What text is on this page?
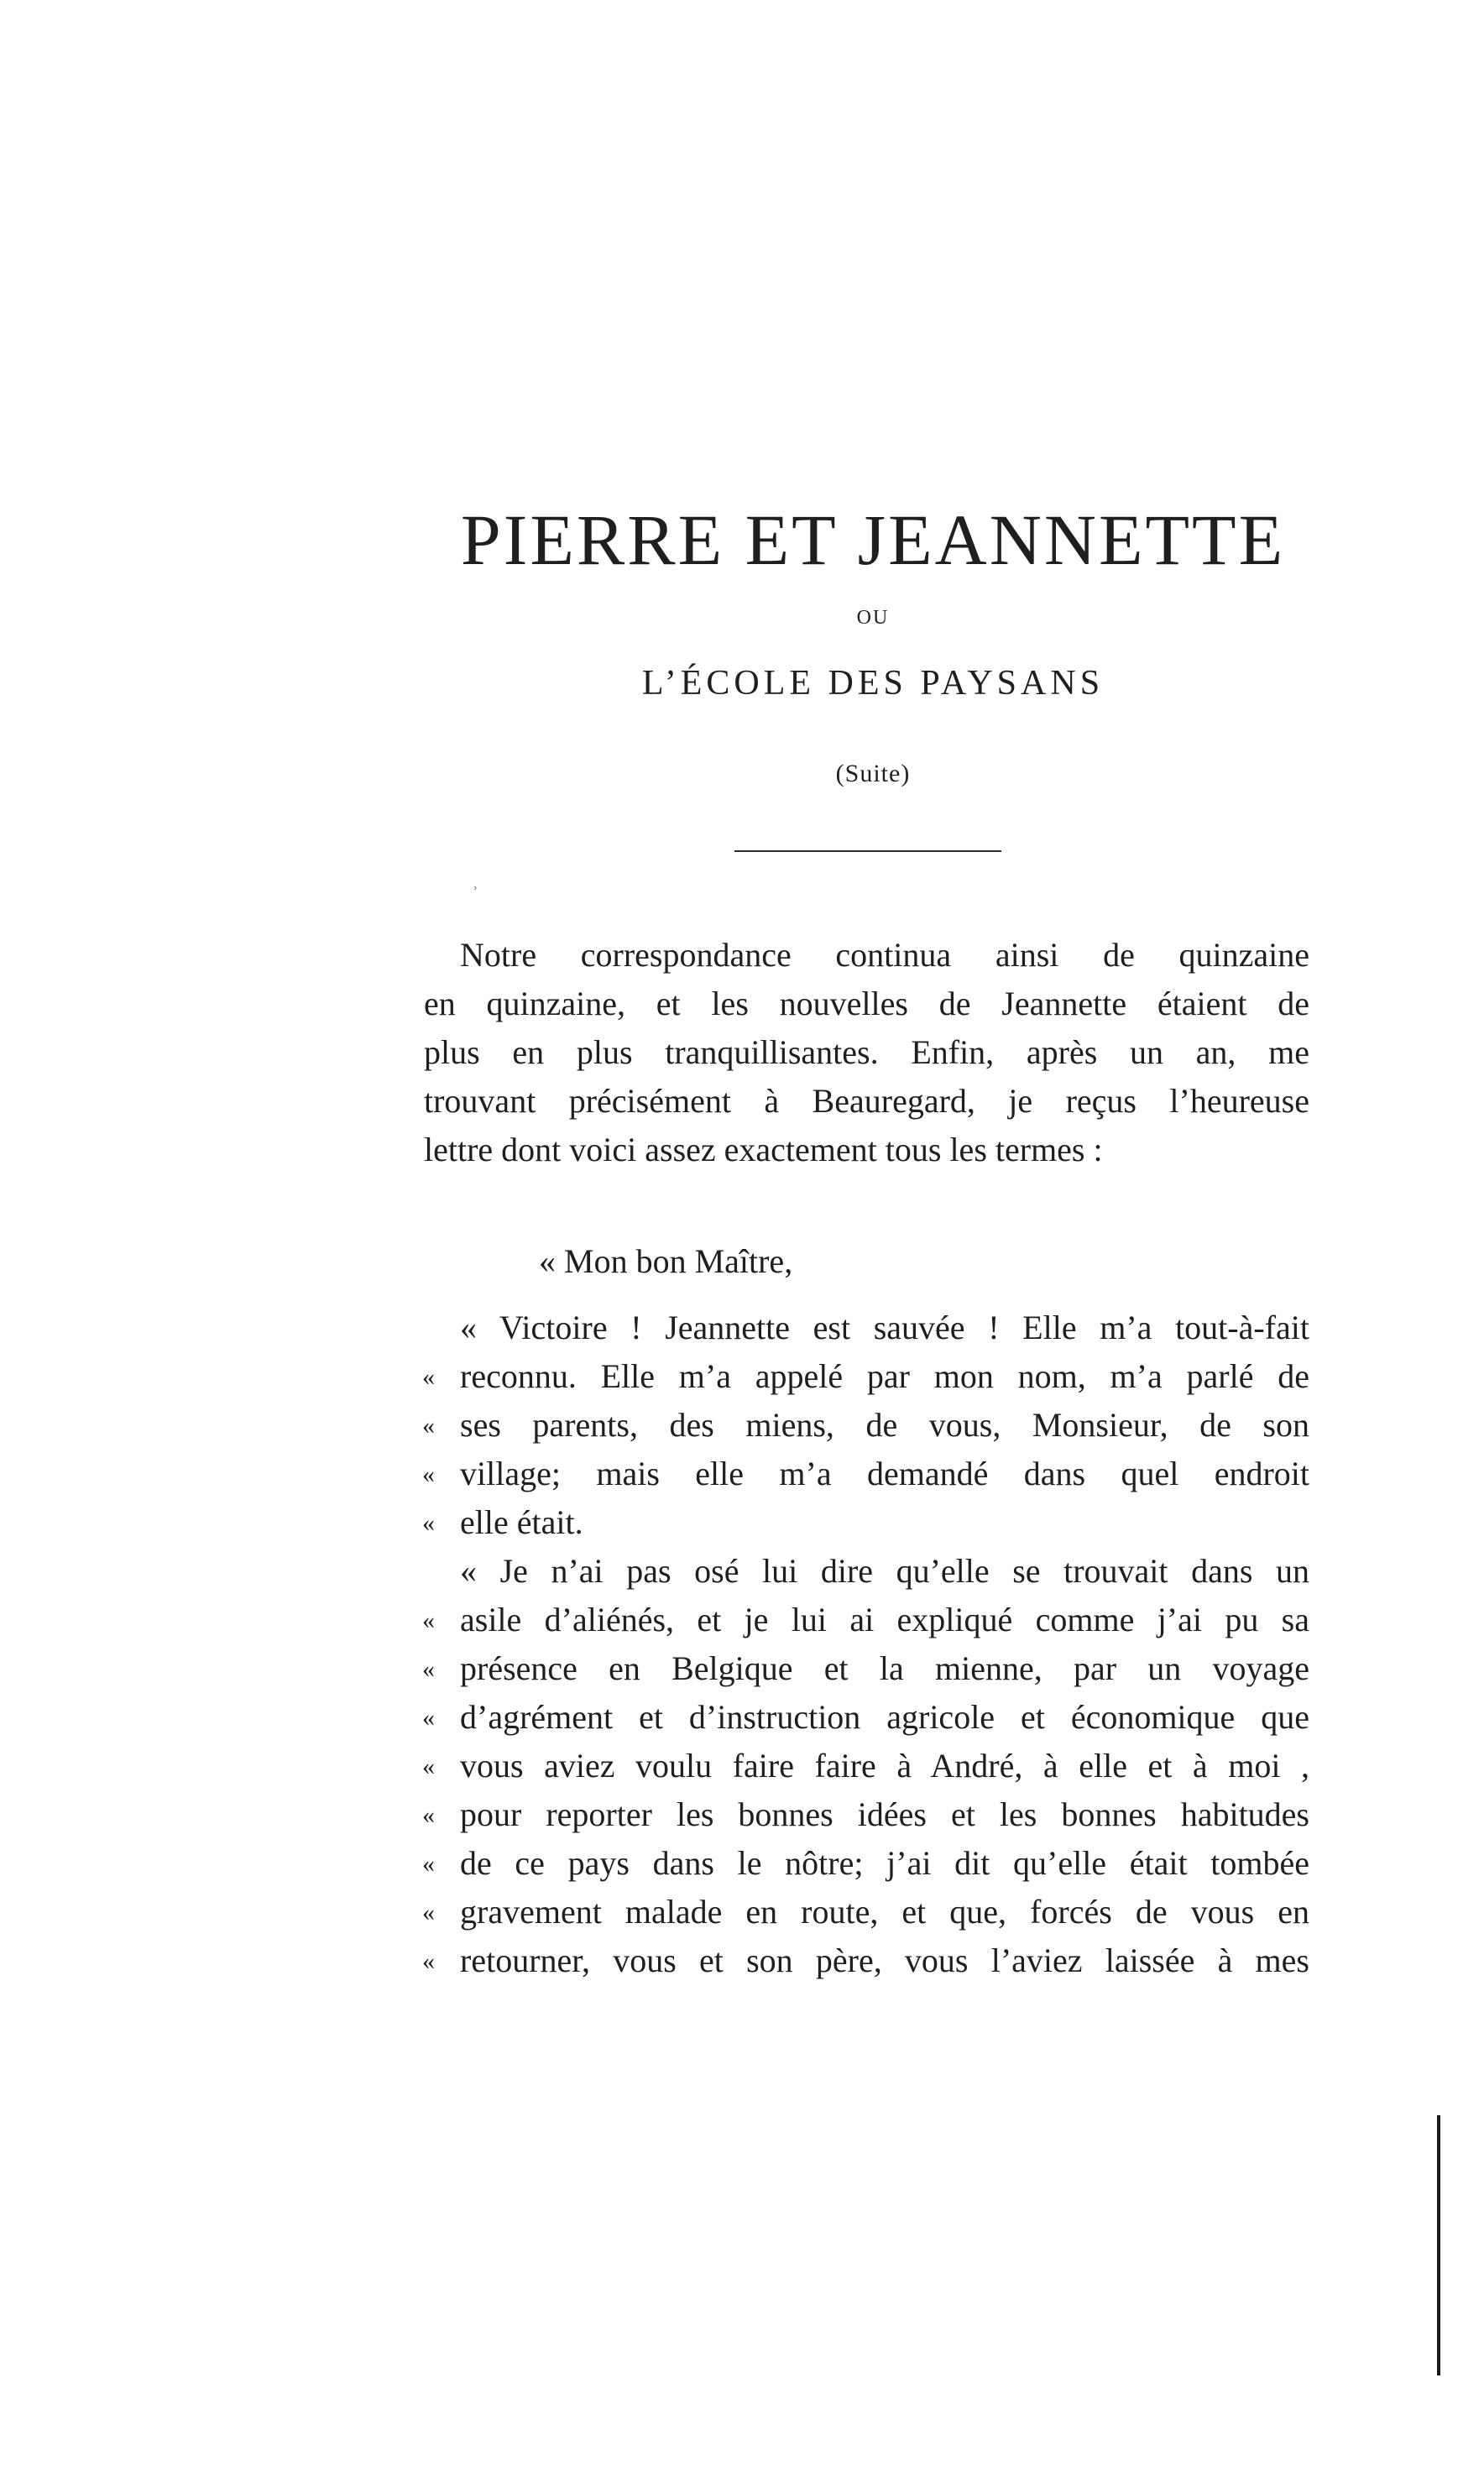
PIERRE ET JEANNETTE
OU
L’ÉCOLE DES PAYSANS
(Suite)
˒
Notre correspondance continua ainsi de quinzaine
en quinzaine, et les nouvelles de Jeannette étaient de
plus en plus tranquillisantes. Enfin, après un an, me
trouvant précisément à Beauregard, je reçus l’heureuse
lettre dont voici assez exactement tous les termes :
« Mon bon Maître,
« Victoire ! Jeannette est sauvée ! Elle m’a tout-à-fait
« reconnu. Elle m’a appelé par mon nom, m’a parlé de
« ses parents, des miens, de vous, Monsieur, de son
« village; mais elle m’a demandé dans quel endroit
« elle était.
« Je n’ai pas osé lui dire qu’elle se trouvait dans un
« asile d’aliénés, et je lui ai expliqué comme j’ai pu sa
« présence en Belgique et la mienne, par un voyage
« d’agrément et d’instruction agricole et économique que
« vous aviez voulu faire faire à André, à elle et à moi ,
« pour reporter les bonnes idées et les bonnes habitudes
« de ce pays dans le nôtre; j’ai dit qu’elle était tombée
« gravement malade en route, et que, forcés de vous en
« retourner, vous et son père, vous l’aviez laissée à mes
